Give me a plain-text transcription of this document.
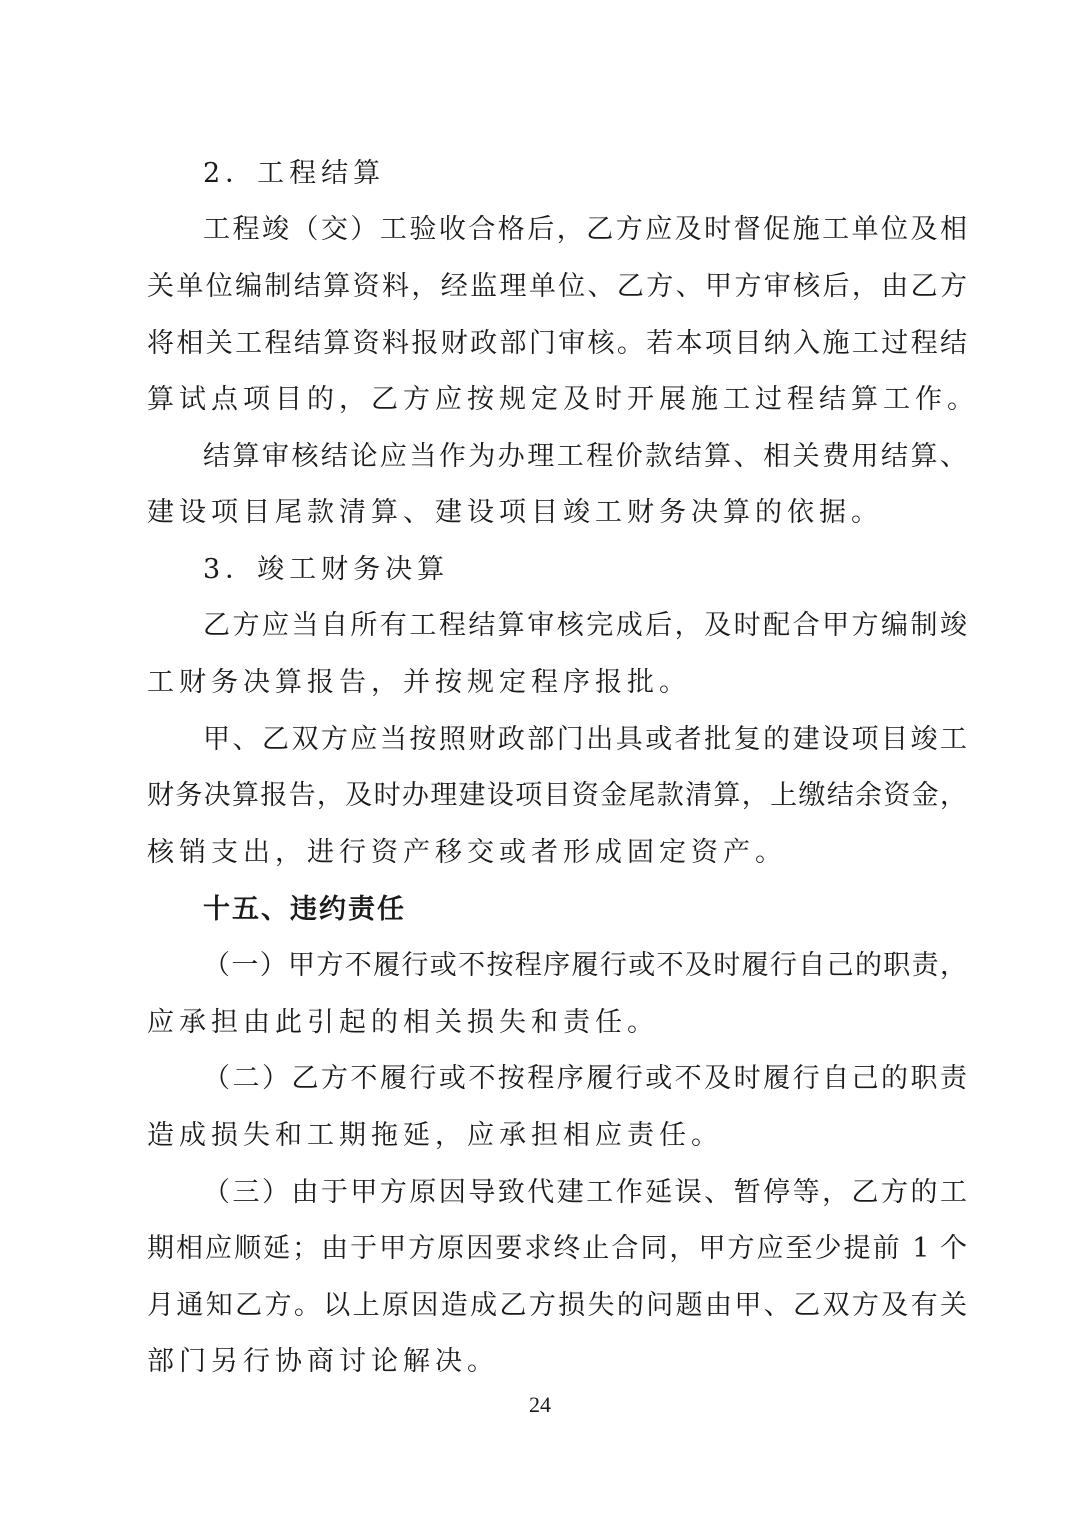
2．工程结算
工程竣（交）工验收合格后，乙方应及时督促施工单位及相
关单位编制结算资料，经监理单位、乙方、甲方审核后，由乙方
将相关工程结算资料报财政部门审核。若本项目纳入施工过程结
算试点项目的，乙方应按规定及时开展施工过程结算工作。
结算审核结论应当作为办理工程价款结算、相关费用结算、
建设项目尾款清算、建设项目竣工财务决算的依据。
3．竣工财务决算
乙方应当自所有工程结算审核完成后，及时配合甲方编制竣
工财务决算报告，并按规定程序报批。
甲、乙双方应当按照财政部门出具或者批复的建设项目竣工
财务决算报告，及时办理建设项目资金尾款清算，上缴结余资金，
核销支出，进行资产移交或者形成固定资产。
十五、违约责任
（一）甲方不履行或不按程序履行或不及时履行自己的职责，
应承担由此引起的相关损失和责任。
（二）乙方不履行或不按程序履行或不及时履行自己的职责
造成损失和工期拖延，应承担相应责任。
（三）由于甲方原因导致代建工作延误、暂停等，乙方的工
期相应顺延；由于甲方原因要求终止合同，甲方应至少提前 1 个
月通知乙方。以上原因造成乙方损失的问题由甲、乙双方及有关
部门另行协商讨论解决。
24
